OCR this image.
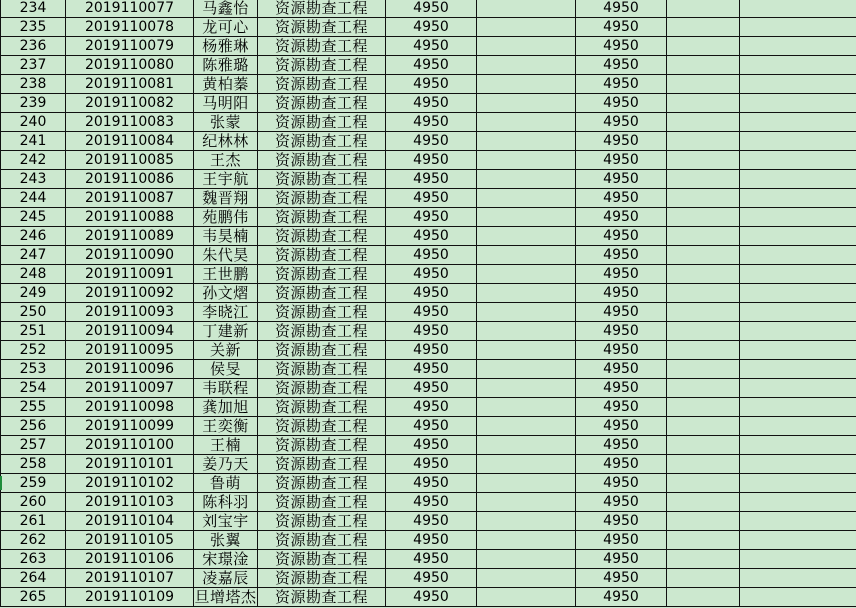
234	2019110077	马鑫怡	资源勘查工程	4950		4950			
235	2019110078	龙可心	资源勘查工程	4950		4950			
236	2019110079	杨雅琳	资源勘查工程	4950		4950			
237	2019110080	陈雅璐	资源勘查工程	4950		4950			
238	2019110081	黄柏蓁	资源勘查工程	4950		4950			
239	2019110082	马明阳	资源勘查工程	4950		4950			
240	2019110083	张蒙	资源勘查工程	4950		4950			
241	2019110084	纪林林	资源勘查工程	4950		4950			
242	2019110085	王杰	资源勘查工程	4950		4950			
243	2019110086	王宇航	资源勘查工程	4950		4950			
244	2019110087	魏晋翔	资源勘查工程	4950		4950			
245	2019110088	苑鹏伟	资源勘查工程	4950		4950			
246	2019110089	韦昊楠	资源勘查工程	4950		4950			
247	2019110090	朱代昊	资源勘查工程	4950		4950			
248	2019110091	王世鹏	资源勘查工程	4950		4950			
249	2019110092	孙文熠	资源勘查工程	4950		4950			
250	2019110093	李晓江	资源勘查工程	4950		4950			
251	2019110094	丁建新	资源勘查工程	4950		4950			
252	2019110095	关新	资源勘查工程	4950		4950			
253	2019110096	侯旻	资源勘查工程	4950		4950			
254	2019110097	韦联程	资源勘查工程	4950		4950			
255	2019110098	龚加旭	资源勘查工程	4950		4950			
256	2019110099	王奕衡	资源勘查工程	4950		4950			
257	2019110100	王楠	资源勘查工程	4950		4950			
258	2019110101	姜乃天	资源勘查工程	4950		4950			
259	2019110102	鲁萌	资源勘查工程	4950		4950			
260	2019110103	陈科羽	资源勘查工程	4950		4950			
261	2019110104	刘宝宇	资源勘查工程	4950		4950			
262	2019110105	张翼	资源勘查工程	4950		4950			
263	2019110106	宋璟淦	资源勘查工程	4950		4950			
264	2019110107	凌嘉辰	资源勘查工程	4950		4950			
265	2019110109	旦增塔杰	资源勘查工程	4950		4950			
